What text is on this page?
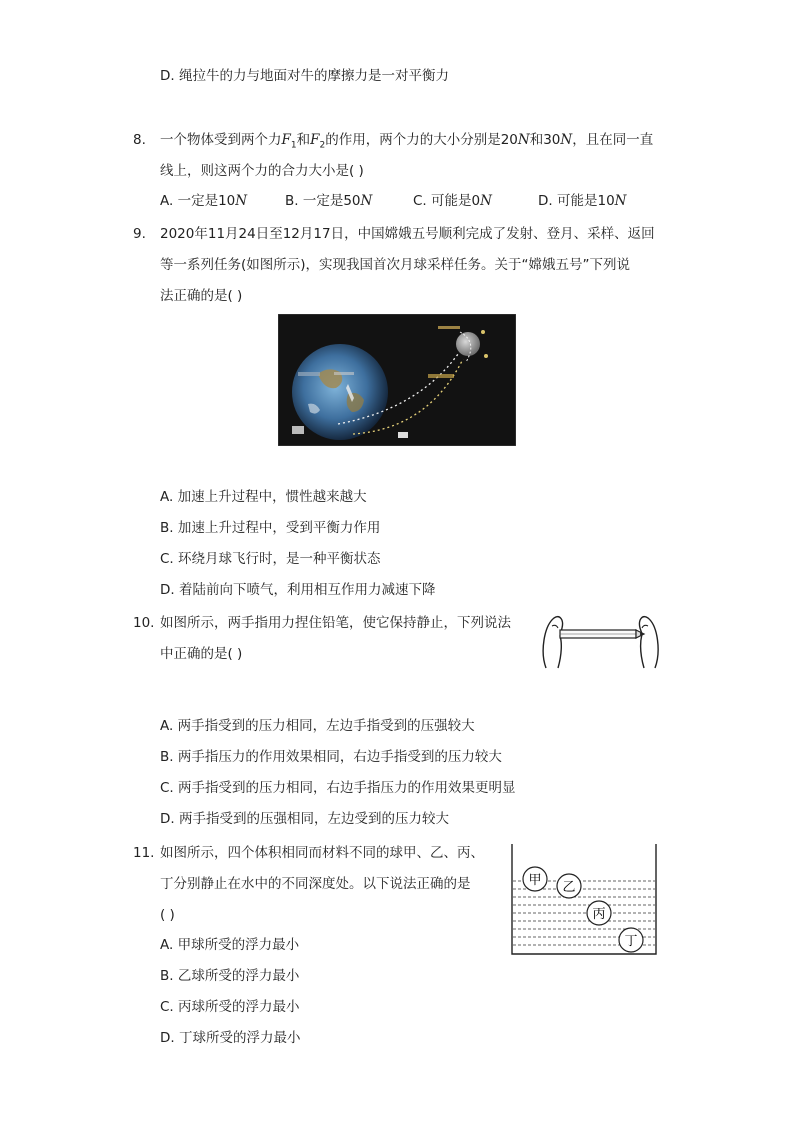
D. 绳拉牛的力与地面对牛的摩擦力是一对平衡力
8. 一个物体受到两个力$F_1$和$F_2$的作用，两个力的大小分别是20N和30N，且在同一直
线上，则这两个力的合力大小是( )
A. 一定是10N	B. 一定是50N	C. 可能是0N	D. 可能是10N
9. 2020年11月24日至12月17日，中国嫦娥五号顺利完成了发射、登月、采样、返回
等一系列任务(如图所示)，实现我国首次月球采样任务。关于“嫦娥五号”下列说
法正确的是( )
A. 加速上升过程中，惯性越来越大
B. 加速上升过程中，受到平衡力作用
C. 环绕月球飞行时，是一种平衡状态
D. 着陆前向下喷气，利用相互作用力减速下降
10. 如图所示，两手指用力捏住铅笔，使它保持静止，下列说法
中正确的是( )
A. 两手指受到的压力相同，左边手指受到的压强较大
B. 两手指压力的作用效果相同，右边手指受到的压力较大
C. 两手指受到的压力相同，右边手指压力的作用效果更明显
D. 两手指受到的压强相同，左边受到的压力较大
11. 如图所示，四个体积相同而材料不同的球甲、乙、丙、
丁分别静止在水中的不同深度处。以下说法正确的是
( )
甲 乙
丙
丁
A. 甲球所受的浮力最小
B. 乙球所受的浮力最小
C. 丙球所受的浮力最小
D. 丁球所受的浮力最小
